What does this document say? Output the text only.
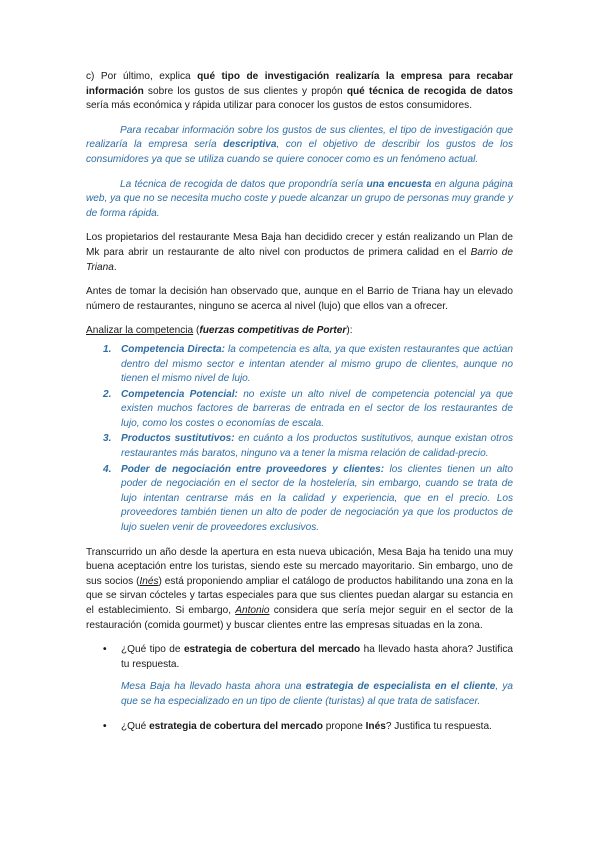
c) Por último, explica qué tipo de investigación realizaría la empresa para recabar información sobre los gustos de sus clientes y propón qué técnica de recogida de datos sería más económica y rápida utilizar para conocer los gustos de estos consumidores.

Para recabar información sobre los gustos de sus clientes, el tipo de investigación que realizaría la empresa sería descriptiva, con el objetivo de describir los gustos de los consumidores ya que se utiliza cuando se quiere conocer como es un fenómeno actual.

La técnica de recogida de datos que propondría sería una encuesta en alguna página web, ya que no se necesita mucho coste y puede alcanzar un grupo de personas muy grande y de forma rápida.

Los propietarios del restaurante Mesa Baja han decidido crecer y están realizando un Plan de Mk para abrir un restaurante de alto nivel con productos de primera calidad en el Barrio de Triana.

Antes de tomar la decisión han observado que, aunque en el Barrio de Triana hay un elevado número de restaurantes, ninguno se acerca al nivel (lujo) que ellos van a ofrecer.

Analizar la competencia (fuerzas competitivas de Porter):

1. Competencia Directa: la competencia es alta, ya que existen restaurantes que actúan dentro del mismo sector e intentan atender al mismo grupo de clientes, aunque no tienen el mismo nivel de lujo.
2. Competencia Potencial: no existe un alto nivel de competencia potencial ya que existen muchos factores de barreras de entrada en el sector de los restaurantes de lujo, como los costes o economías de escala.
3. Productos sustitutivos: en cuánto a los productos sustitutivos, aunque existan otros restaurantes más baratos, ninguno va a tener la misma relación de calidad-precio.
4. Poder de negociación entre proveedores y clientes: los clientes tienen un alto poder de negociación en el sector de la hostelería, sin embargo, cuando se trata de lujo intentan centrarse más en la calidad y experiencia, que en el precio. Los proveedores también tienen un alto de poder de negociación ya que los productos de lujo suelen venir de proveedores exclusivos.

Transcurrido un año desde la apertura en esta nueva ubicación, Mesa Baja ha tenido una muy buena aceptación entre los turistas, siendo este su mercado mayoritario. Sin embargo, uno de sus socios (Inés) está proponiendo ampliar el catálogo de productos habilitando una zona en la que se sirvan cócteles y tartas especiales para que sus clientes puedan alargar su estancia en el establecimiento. Si embargo, Antonio considera que sería mejor seguir en el sector de la restauración (comida gourmet) y buscar clientes entre las empresas situadas en la zona.

• ¿Qué tipo de estrategia de cobertura del mercado ha llevado hasta ahora? Justifica tu respuesta.

Mesa Baja ha llevado hasta ahora una estrategia de especialista en el cliente, ya que se ha especializado en un tipo de cliente (turistas) al que trata de satisfacer.

• ¿Qué estrategia de cobertura del mercado propone Inés? Justifica tu respuesta.
